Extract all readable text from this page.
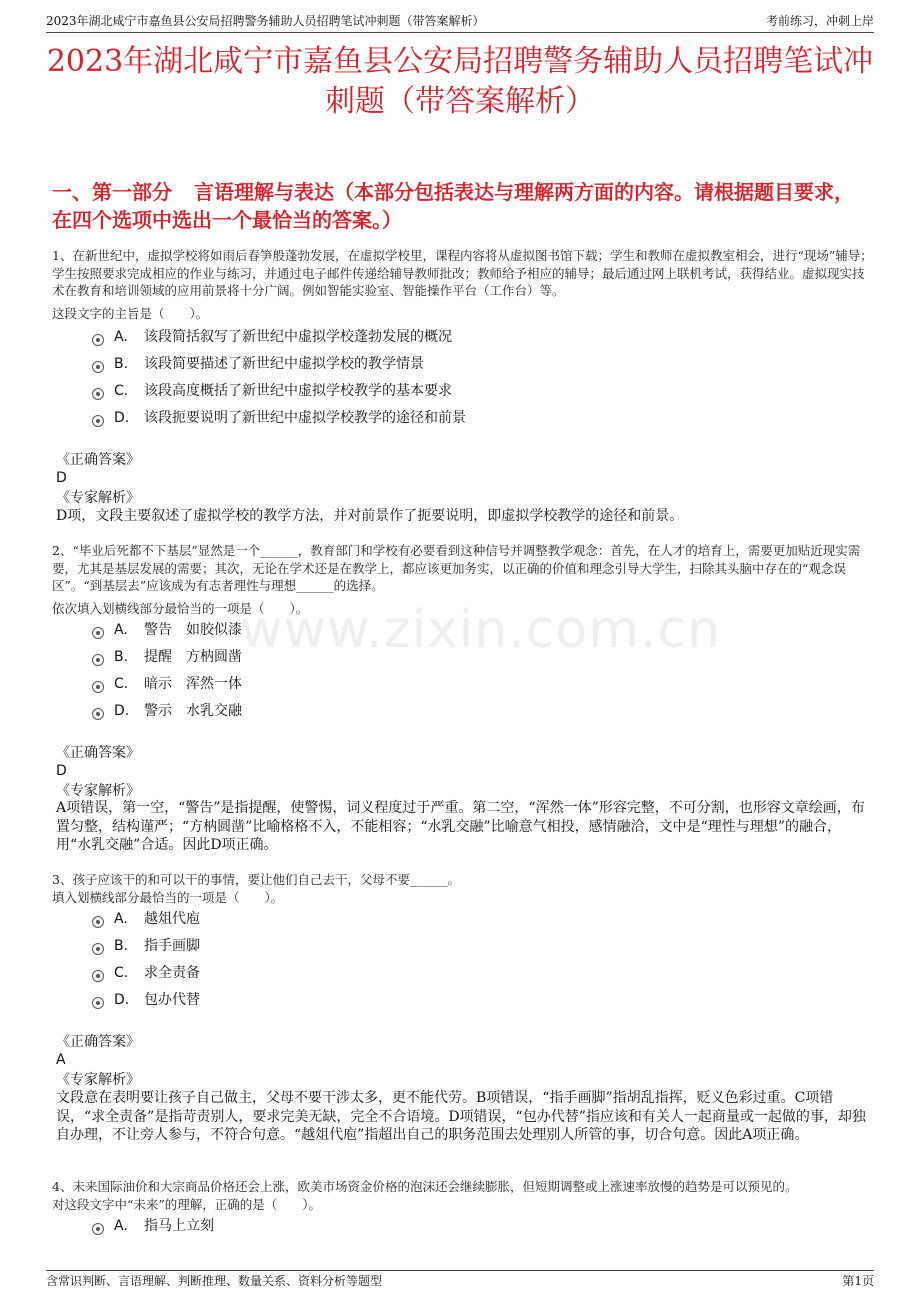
2023年湖北咸宁市嘉鱼县公安局招聘警务辅助人员招聘笔试冲刺题（带答案解析）	考前练习，冲刺上岸
2023年湖北咸宁市嘉鱼县公安局招聘警务辅助人员招聘笔试冲刺题（带答案解析）
一、第一部分 言语理解与表达（本部分包括表达与理解两方面的内容。请根据题目要求，在四个选项中选出一个最恰当的答案。）
www.zixin.com.cn

1、在新世纪中，虚拟学校将如雨后春笋般蓬勃发展，在虚拟学校里，课程内容将从虚拟图书馆下载；学生和教师在虚拟教室相会，进行“现场”辅导；学生按照要求完成相应的作业与练习，并通过电子邮件传递给辅导教师批改；教师给予相应的辅导；最后通过网上联机考试，获得结业。虚拟现实技术在教育和培训领域的应用前景将十分广阔。例如智能实验室、智能操作平台（工作台）等。

这段文字的主旨是（　　）。

A. 该段简括叙写了新世纪中虚拟学校蓬勃发展的概况
B. 该段简要描述了新世纪中虚拟学校的教学情景
C. 该段高度概括了新世纪中虚拟学校教学的基本要求
D. 该段扼要说明了新世纪中虚拟学校教学的途径和前景

《正确答案》

D

《专家解析》

D项，文段主要叙述了虚拟学校的教学方法，并对前景作了扼要说明，即虚拟学校教学的途径和前景。

2、“毕业后死都不下基层”显然是一个______，教育部门和学校有必要看到这种信号并调整教学观念：首先，在人才的培育上，需要更加贴近现实需要，尤其是基层发展的需要；其次，无论在学术还是在教学上，都应该更加务实，以正确的价值和理念引导大学生，扫除其头脑中存在的“观念误区”。“到基层去”应该成为有志者理性与理想______的选择。

依次填入划横线部分最恰当的一项是（　　）。

A. 警告 如胶似漆
B. 提醒 方枘圆凿
C. 暗示 浑然一体
D. 警示 水乳交融

《正确答案》

D

《专家解析》

A项错误，第一空，“警告”是指提醒，使警惕，词义程度过于严重。第二空，“浑然一体”形容完整，不可分割，也形容文章绘画，布置匀整，结构谨严；“方枘圆凿”比喻格格不入，不能相容；“水乳交融”比喻意气相投，感情融洽，文中是“理性与理想”的融合，用“水乳交融”合适。因此D项正确。

3、孩子应该干的和可以干的事情，要让他们自己去干，父母不要______。

填入划横线部分最恰当的一项是（　　）。

A. 越俎代庖
B. 指手画脚
C. 求全责备
D. 包办代替

《正确答案》

A

《专家解析》

文段意在表明要让孩子自己做主，父母不要干涉太多，更不能代劳。B项错误，“指手画脚”指胡乱指挥，贬义色彩过重。C项错误，“求全责备”是指苛责别人，要求完美无缺，完全不合语境。D项错误，“包办代替”指应该和有关人一起商量或一起做的事，却独自办理，不让旁人参与，不符合句意。“越俎代庖”指超出自己的职务范围去处理别人所管的事，切合句意。因此A项正确。

4、未来国际油价和大宗商品价格还会上涨，欧美市场资金价格的泡沫还会继续膨胀，但短期调整或上涨速率放慢的趋势是可以预见的。

对这段文字中“未来”的理解，正确的是（　　）。

A. 指马上立刻
含常识判断、言语理解、判断推理、数量关系、资料分析等题型	第1页
